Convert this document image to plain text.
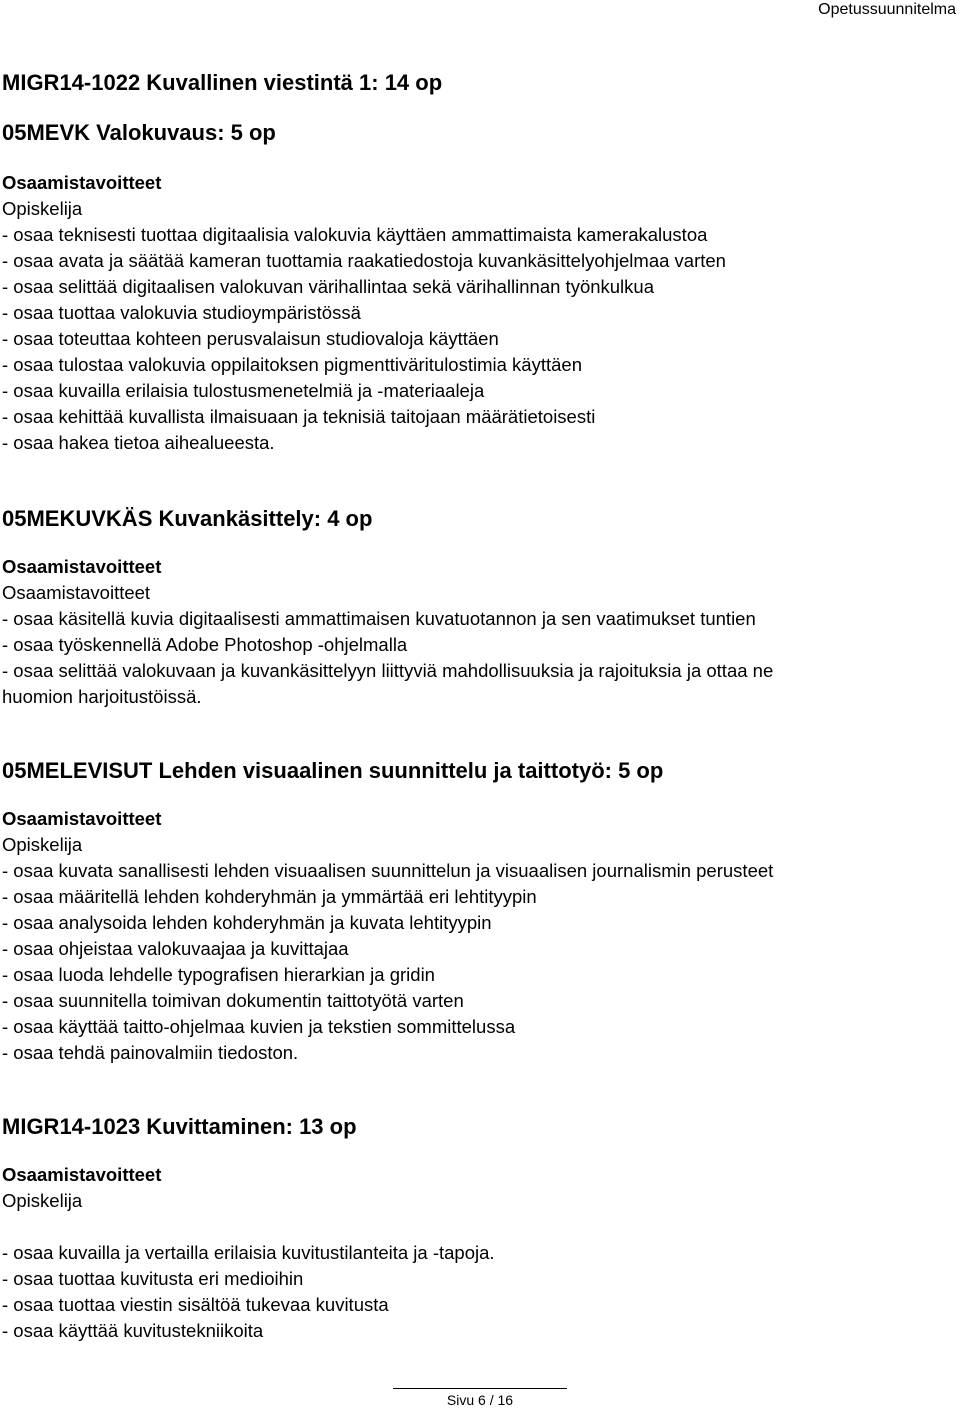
Opetussuunnitelma
MIGR14-1022 Kuvallinen viestintä 1: 14 op
05MEVK Valokuvaus: 5 op
Osaamistavoitteet
Opiskelija
- osaa teknisesti tuottaa digitaalisia valokuvia käyttäen ammattimaista kamerakalustoa
- osaa avata ja säätää kameran tuottamia raakatiedostoja kuvankäsittelyohjelmaa varten
- osaa selittää digitaalisen valokuvan värihallintaa sekä värihallinnan työnkulkua
- osaa tuottaa valokuvia studioympäristössä
- osaa toteuttaa kohteen perusvalaisun studiovaloja käyttäen
- osaa tulostaa valokuvia oppilaitoksen pigmenttiväritulostimia käyttäen
- osaa kuvailla erilaisia tulostusmenetelmiä ja -materiaaleja
- osaa kehittää kuvallista ilmaisuaan ja teknisiä taitojaan määrätietoisesti
- osaa hakea tietoa aihealueesta.
05MEKUVKÄS Kuvankäsittely: 4 op
Osaamistavoitteet
Osaamistavoitteet
- osaa käsitellä kuvia digitaalisesti ammattimaisen kuvatuotannon ja sen vaatimukset tuntien
- osaa työskennellä Adobe Photoshop -ohjelmalla
- osaa selittää valokuvaan ja kuvankäsittelyyn liittyviä mahdollisuuksia ja rajoituksia ja ottaa ne
huomion harjoitustöissä.
05MELEVISUT Lehden visuaalinen suunnittelu ja taittotyö: 5 op
Osaamistavoitteet
Opiskelija
- osaa kuvata sanallisesti lehden visuaalisen suunnittelun ja visuaalisen journalismin perusteet
- osaa määritellä lehden kohderyhmän ja ymmärtää eri lehtityypin
- osaa analysoida lehden kohderyhmän ja kuvata lehtityypin
- osaa ohjeistaa valokuvaajaa ja kuvittajaa
- osaa luoda lehdelle typografisen hierarkian ja gridin
- osaa suunnitella toimivan dokumentin taittotyötä varten
- osaa käyttää taitto-ohjelmaa kuvien ja tekstien sommittelussa
- osaa tehdä painovalmiin tiedoston.
MIGR14-1023 Kuvittaminen: 13 op
Osaamistavoitteet
Opiskelija
- osaa kuvailla ja vertailla erilaisia kuvitustilanteita ja -tapoja.
- osaa tuottaa kuvitusta eri medioihin
- osaa tuottaa viestin sisältöä tukevaa kuvitusta
- osaa käyttää kuvitustekniikoita
Sivu 6 / 16
